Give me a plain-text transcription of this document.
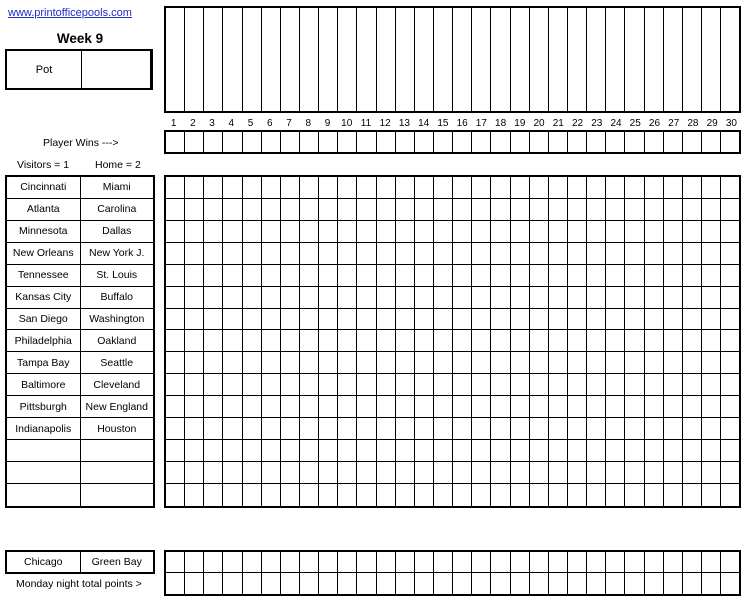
www.printofficepools.com
Week 9
Pot
1	2	3	4	5	6	7	8	9	10 11 12 13 14 15 16 17 18 19 20 21 22 23 24 25 26 27 28 29 30
Player Wins --->
Visitors = 1 Home = 2
Cincinnati	Miami
Atlanta	Carolina
Minnesota	Dallas
New Orleans	New York J.
Tennessee	St. Louis
Kansas City	Buffalo
San Diego	Washington
Philadelphia	Oakland
Tampa Bay	Seattle
Baltimore	Cleveland
Pittsburgh	New England
Indianapolis	Houston
Chicago	Green Bay
Monday night total points >
